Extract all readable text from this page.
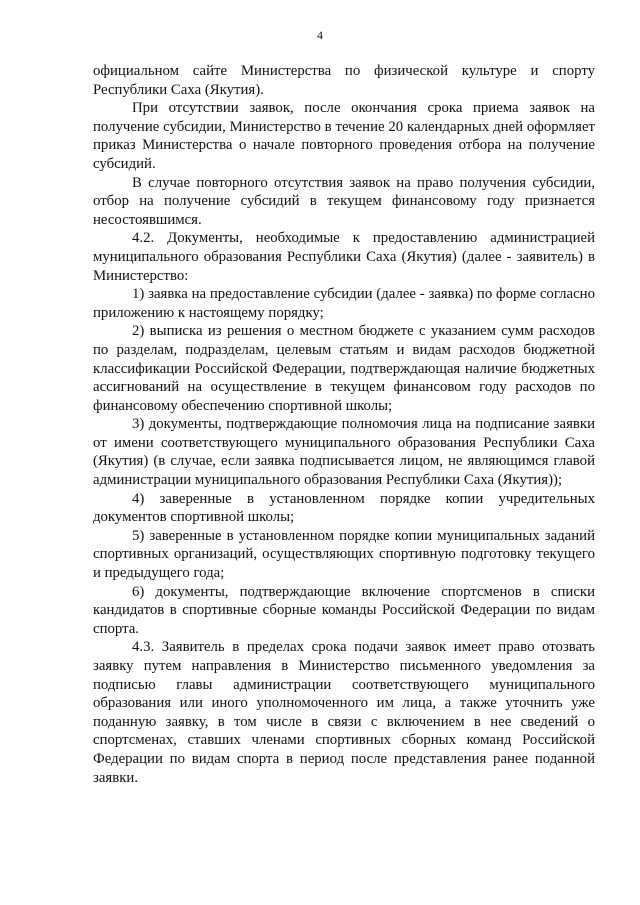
4

официальном сайте Министерства по физической культуре и спорту Республики Саха (Якутия).

При отсутствии заявок, после окончания срока приема заявок на получение субсидии, Министерство в течение 20 календарных дней оформляет приказ Министерства о начале повторного проведения отбора на получение субсидий.

В случае повторного отсутствия заявок на право получения субсидии, отбор на получение субсидий в текущем финансовому году признается несостоявшимся.

4.2. Документы, необходимые к предоставлению администрацией муниципального образования Республики Саха (Якутия) (далее - заявитель) в Министерство:

1) заявка на предоставление субсидии (далее - заявка) по форме согласно приложению к настоящему порядку;

2) выписка из решения о местном бюджете с указанием сумм расходов по разделам, подразделам, целевым статьям и видам расходов бюджетной классификации Российской Федерации, подтверждающая наличие бюджетных ассигнований на осуществление в текущем финансовом году расходов по финансовому обеспечению спортивной школы;

3) документы, подтверждающие полномочия лица на подписание заявки от имени соответствующего муниципального образования Республики Саха (Якутия) (в случае, если заявка подписывается лицом, не являющимся главой администрации муниципального образования Республики Саха (Якутия));

4) заверенные в установленном порядке копии учредительных документов спортивной школы;

5) заверенные в установленном порядке копии муниципальных заданий спортивных организаций, осуществляющих спортивную подготовку текущего и предыдущего года;

6) документы, подтверждающие включение спортсменов в списки кандидатов в спортивные сборные команды Российской Федерации по видам спорта.

4.3. Заявитель в пределах срока подачи заявок имеет право отозвать заявку путем направления в Министерство письменного уведомления за подписью главы администрации соответствующего муниципального образования или иного уполномоченного им лица, а также уточнить уже поданную заявку, в том числе в связи с включением в нее сведений о спортсменах, ставших членами спортивных сборных команд Российской Федерации по видам спорта в период после представления ранее поданной заявки.
